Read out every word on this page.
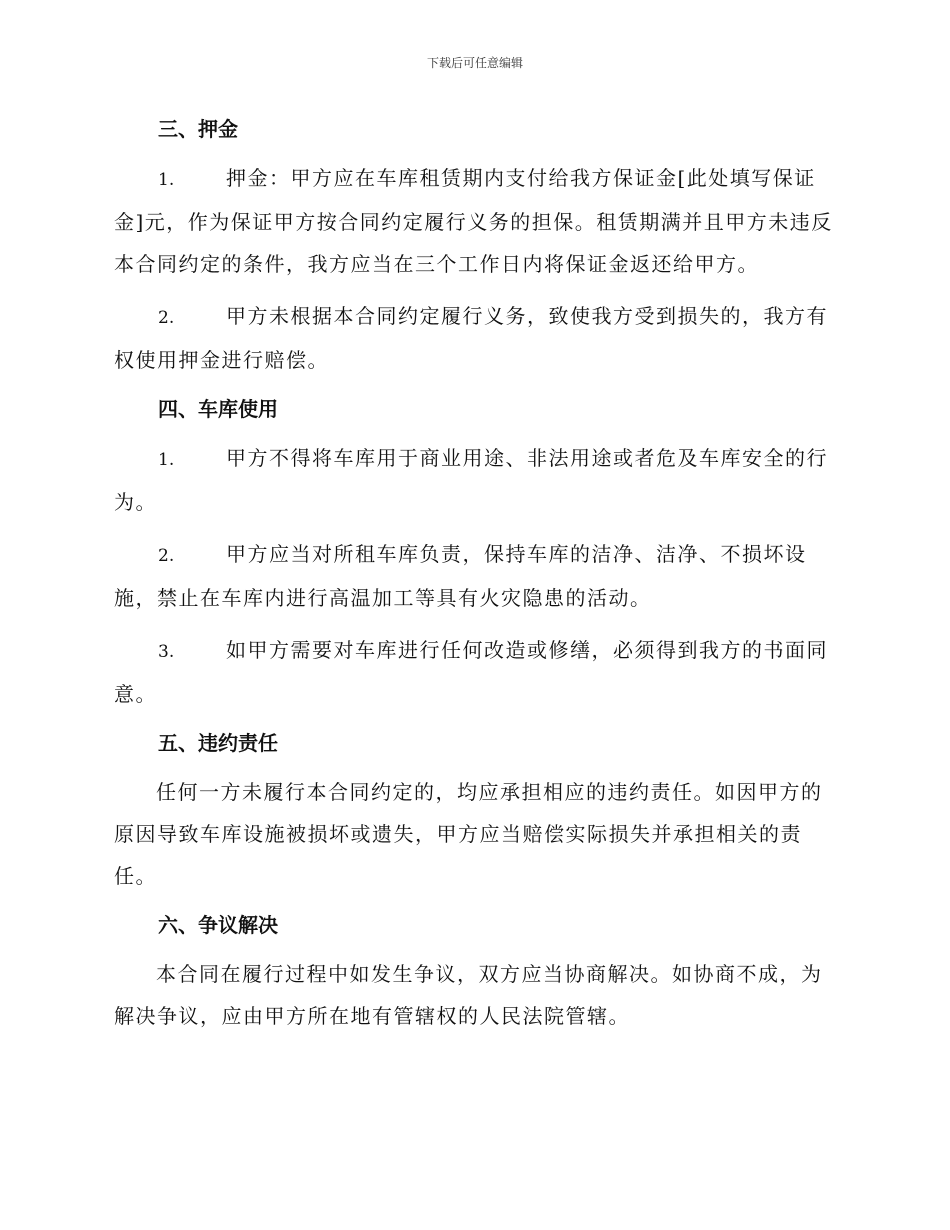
下载后可任意编辑
三、押金

1.	押金：甲方应在车库租赁期内支付给我方保证金[此处填写保证金]元，作为保证甲方按合同约定履行义务的担保。租赁期满并且甲方未违反本合同约定的条件，我方应当在三个工作日内将保证金返还给甲方。

2.	甲方未根据本合同约定履行义务，致使我方受到损失的，我方有权使用押金进行赔偿。

四、车库使用

1.	甲方不得将车库用于商业用途、非法用途或者危及车库安全的行为。

2.	甲方应当对所租车库负责，保持车库的洁净、洁净、不损坏设施，禁止在车库内进行高温加工等具有火灾隐患的活动。

3.	如甲方需要对车库进行任何改造或修缮，必须得到我方的书面同意。

五、违约责任

任何一方未履行本合同约定的，均应承担相应的违约责任。如因甲方的原因导致车库设施被损坏或遗失，甲方应当赔偿实际损失并承担相关的责任。

六、争议解决

本合同在履行过程中如发生争议，双方应当协商解决。如协商不成，为解决争议，应由甲方所在地有管辖权的人民法院管辖。
